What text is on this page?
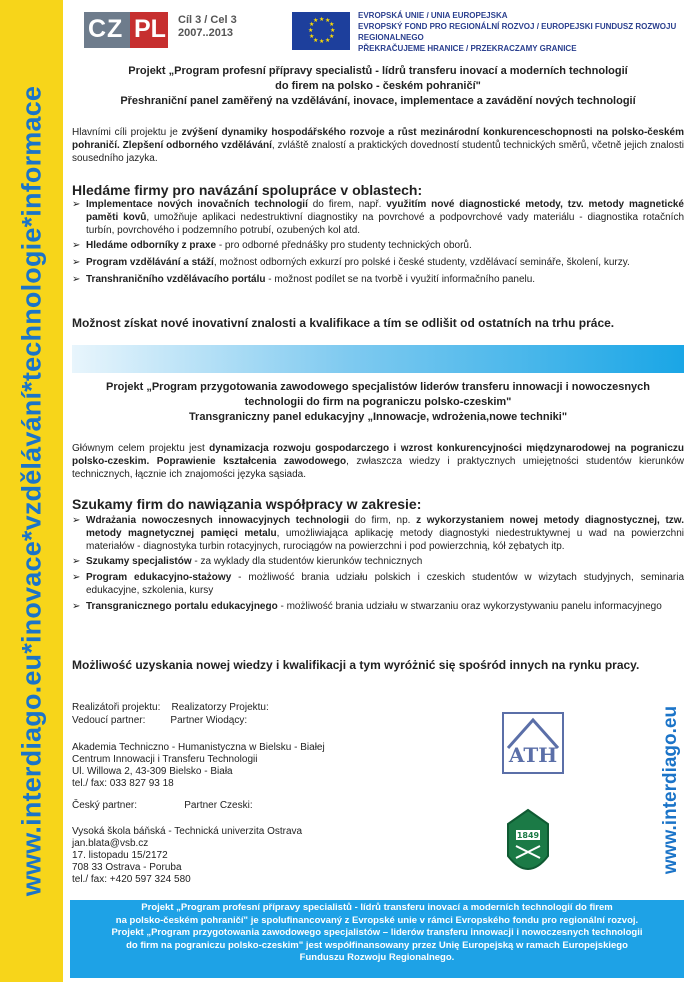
www.interdiago.eu*inovace*vzdělávání*technologie*informace
CZ PL Cíl 3 / Cel 3
2007..2013
★ ★
★
★
★
★
★
★
★
★
★
★
EVROPSKÁ UNIE / UNIA EUROPEJSKA
EVROPSKÝ FOND PRO REGIONÁLNÍ ROZVOJ / EUROPEJSKI FUNDUSZ ROZWOJU REGIONALNEGO
PŘEKRAČUJEME HRANICE / PRZEKRACZAMY GRANICE
Projekt „Program profesní přípravy specialistů - lídrů transferu inovací a moderních technologií
do firem na polsko - českém pohraničí"
Přeshraniční panel zaměřený na vzdělávání, inovace, implementace a zavádění nových technologií
Hlavními cíli projektu je zvýšení dynamiky hospodářského rozvoje a růst mezinárodní konkurenceschopnosti na polsko-českém pohraničí. Zlepšení odborného vzdělávání, zvláště znalostí a praktických dovedností studentů technických směrů, včetně jejich znalosti sousedního jazyka.
Hledáme firmy pro navázání spolupráce v oblastech:
➢ Implementace nových inovačních technologií do firem, např. využitím nové diagnostické metody, tzv. metody magnetické paměti kovů, umožňuje aplikaci nedestruktivní diagnostiky na povrchové a podpovrchové vady materiálu - diagnostika rotačních turbín, povrchového i podzemního potrubí, ozubených kol atd.
➢ Hledáme odborníky z praxe - pro odborné přednášky pro studenty technických oborů.
➢ Program vzdělávání a stáží, možnost odborných exkurzí pro polské i české studenty, vzdělávací semináře, školení, kurzy.
➢ Transhraničního vzdělávacího portálu - možnost podílet se na tvorbě i využití informačního panelu.
Možnost získat nové inovativní znalosti a kvalifikace a tím se odlišit od ostatních na trhu práce.
Projekt „Program przygotowania zawodowego specjalistów liderów transferu innowacji i nowoczesnych
technologii do firm na pograniczu polsko-czeskim"
Transgraniczny panel edukacyjny „Innowacje, wdrożenia,nowe techniki"
Głównym celem projektu jest dynamizacja rozwoju gospodarczego i wzrost konkurencyjności międzynarodowej na pograniczu polsko-czeskim. Poprawienie kształcenia zawodowego, zwłaszcza wiedzy i praktycznych umiejętności studentów kierunków technicznych, łącznie ich znajomości języka sąsiada.
Szukamy firm do nawiązania współpracy w zakresie:
➢ Wdrażania nowoczesnych innowacyjnych technologii do firm, np. z wykorzystaniem nowej metody diagnostycznej, tzw. metody magnetycznej pamięci metalu, umożliwiająca aplikację metody diagnostyki niedestruktywnej u wad na powierzchni materiałów - diagnostyka turbin rotacyjnych, rurociągów na powierzchni i pod powierzchnią, kół zębatych itp.
➢ Szukamy specjalistów - za wyklady dla studentów kierunków technicznych
➢ Program edukacyjno-stażowy - możliwość brania udziału polskich i czeskich studentów w wizytach studyjnych, seminaria edukacyjne, szkolenia, kursy
➢ Transgranicznego portalu edukacyjnego - możliwość brania udziału w stwarzaniu oraz wykorzystywaniu panelu informacyjnego
Możliwość uzyskania nowej wiedzy i kwalifikacji a tym wyróżnić się spośród innych na rynku pracy.
Realizátoři projektu: Realizatorzy Projektu:
Vedoucí partner:	Partner Wiodący:
Akademia Techniczno - Humanistyczna w Bielsku - Białej
Centrum Innowacji i Transferu Technologii
Ul. Willowa 2, 43-309 Bielsko - Biała
tel./ fax: 033 827 93 18
Český partner:	Partner Czeski:
Vysoká škola báňská - Technická univerzita Ostrava
jan.blata@vsb.cz
17. listopadu 15/2172
708 33 Ostrava - Poruba
tel./ fax: +420 597 324 580
ATH
1849	www.interdiago.eu
Projekt „Program profesní přípravy specialistů - lídrů transferu inovací a moderních technologií do firem
na polsko-českém pohraničí" je spolufinancovaný z Evropské unie v rámci Evropského fondu pro regionální rozvoj.
Projekt „Program przygotowania zawodowego specjalistów – liderów transferu innowacji i nowoczesnych technologii
do firm na pograniczu polsko-czeskim" jest współfinansowany przez Unię Europejską w ramach Europejskiego
Funduszu Rozwoju Regionalnego.
